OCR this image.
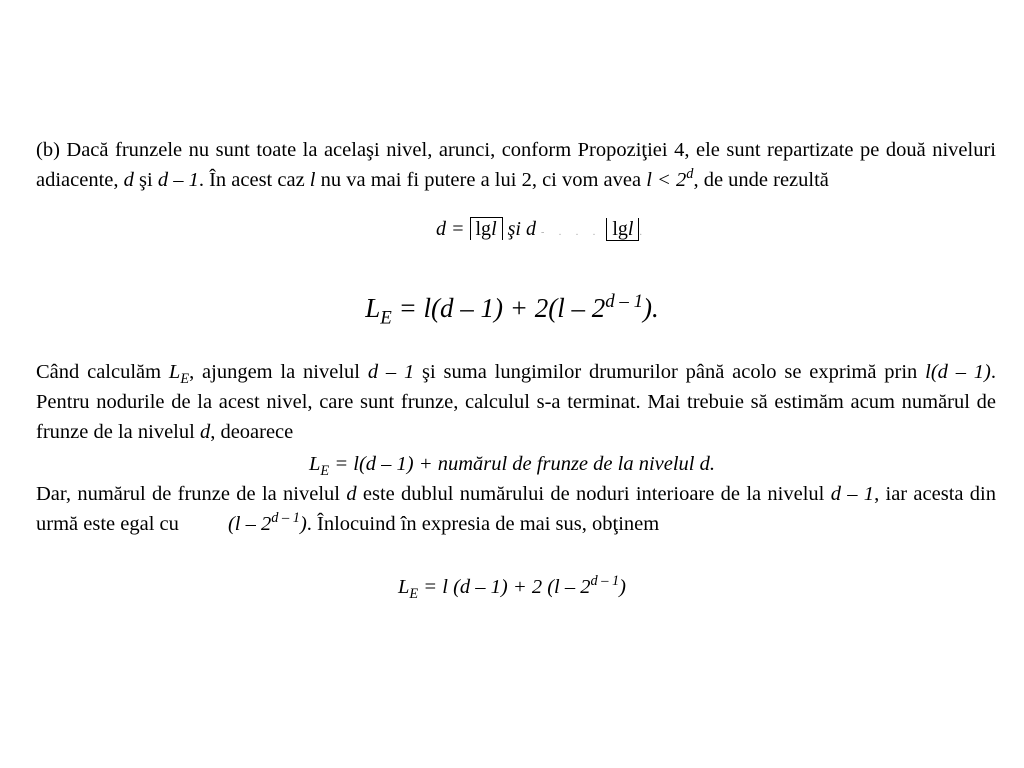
(b) Dacă frunzele nu sunt toate la acelaşi nivel, arunci, conform Propoziţiei 4, ele sunt repartizate pe două niveluri adiacente, d şi d – 1. În acest caz l nu va mai fi putere a lui 2, ci vom avea $l < 2^d$, de unde rezultă
d = lgl şi d - . . . lgl .
$L_E = l(d - 1) + 2(l - 2^{d - 1})$.
Când calculăm $L_E$, ajungem la nivelul d – 1 şi suma lungimilor drumurilor până acolo se exprimă prin l(d – 1). Pentru nodurile de la acest nivel, care sunt frunze, calculul s-a terminat. Mai trebuie să estimăm acum numărul de frunze de la nivelul d, deoarece
$L_E = l(d - 1)$ + numărul de frunze de la nivelul d.
Dar, numărul de frunze de la nivelul d este dublul numărului de noduri interioare de la nivelul d – 1, iar acesta din urmă este egal cu (l – 2$^{d - 1}$). Înlocuind în expresia de mai sus, obţinem
$L_E = l$ (d – 1) + 2 (l – 2$^{d - 1}$)
